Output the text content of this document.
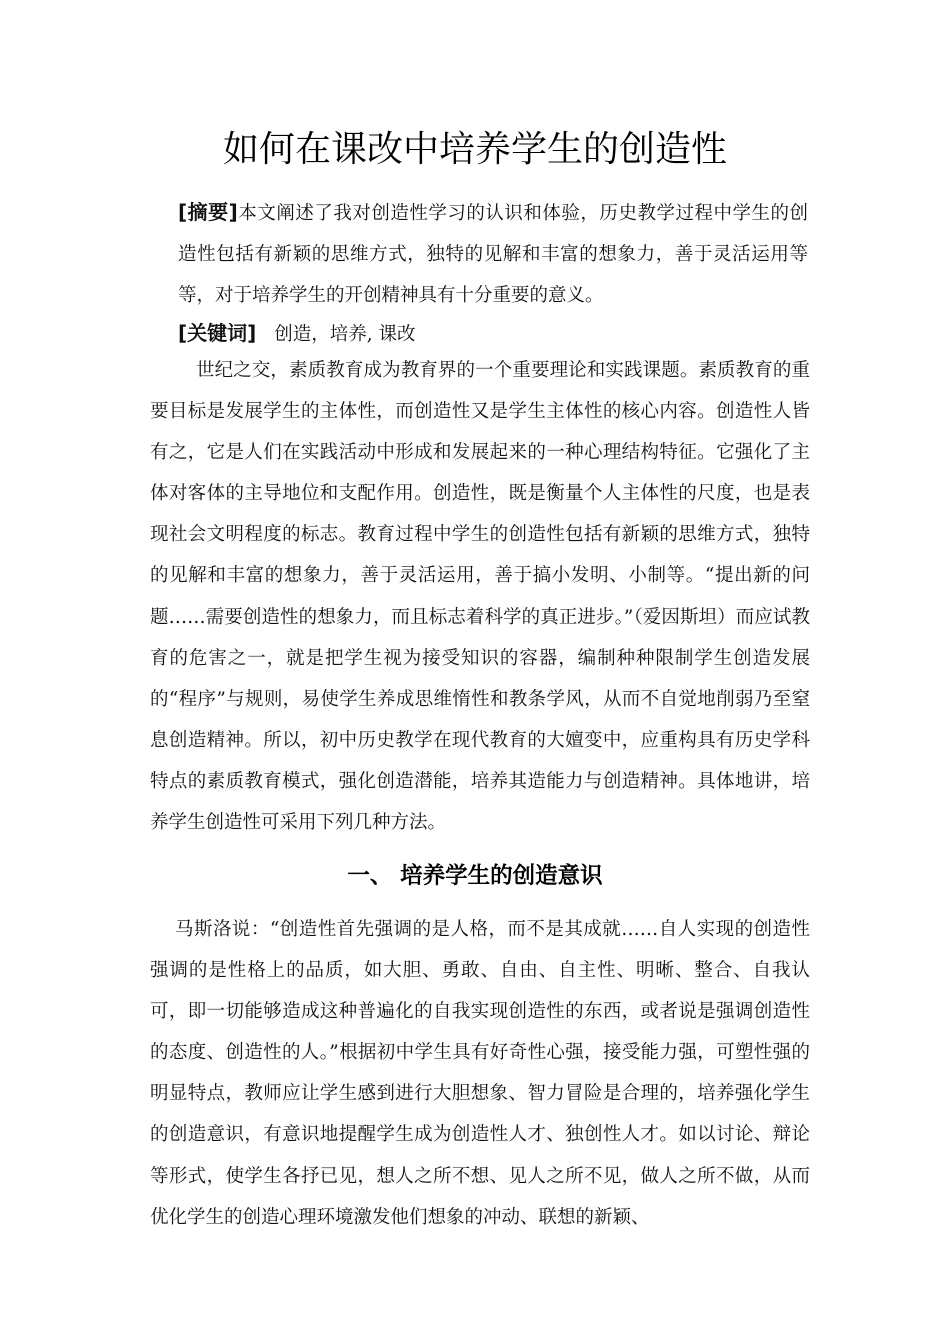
如何在课改中培养学生的创造性

[摘要]本文阐述了我对创造性学习的认识和体验，历史教学过程中学生的创造性包括有新颖的思维方式，独特的见解和丰富的想象力，善于灵活运用等等，对于培养学生的开创精神具有十分重要的意义。

[关键词] 创造，培养, 课改

世纪之交，素质教育成为教育界的一个重要理论和实践课题。素质教育的重要目标是发展学生的主体性，而创造性又是学生主体性的核心内容。创造性人皆有之，它是人们在实践活动中形成和发展起来的一种心理结构特征。它强化了主体对客体的主导地位和支配作用。创造性，既是衡量个人主体性的尺度，也是表现社会文明程度的标志。教育过程中学生的创造性包括有新颖的思维方式，独特的见解和丰富的想象力，善于灵活运用，善于搞小发明、小制等。“提出新的问题……需要创造性的想象力，而且标志着科学的真正进步。”（爱因斯坦）而应试教育的危害之一，就是把学生视为接受知识的容器，编制种种限制学生创造发展的“程序”与规则，易使学生养成思维惰性和教条学风，从而不自觉地削弱乃至窒息创造精神。所以，初中历史教学在现代教育的大嬗变中，应重构具有历史学科特点的素质教育模式，强化创造潜能，培养其造能力与创造精神。具体地讲，培养学生创造性可采用下列几种方法。

一、 培养学生的创造意识

马斯洛说：“创造性首先强调的是人格，而不是其成就……自人实现的创造性强调的是性格上的品质，如大胆、勇敢、自由、自主性、明晰、整合、自我认可，即一切能够造成这种普遍化的自我实现创造性的东西，或者说是强调创造性的态度、创造性的人。”根据初中学生具有好奇性心强，接受能力强，可塑性强的明显特点，教师应让学生感到进行大胆想象、智力冒险是合理的，培养强化学生的创造意识，有意识地提醒学生成为创造性人才、独创性人才。如以讨论、辩论等形式，使学生各抒已见，想人之所不想、见人之所不见，做人之所不做，从而优化学生的创造心理环境激发他们想象的冲动、联想的新颖、
